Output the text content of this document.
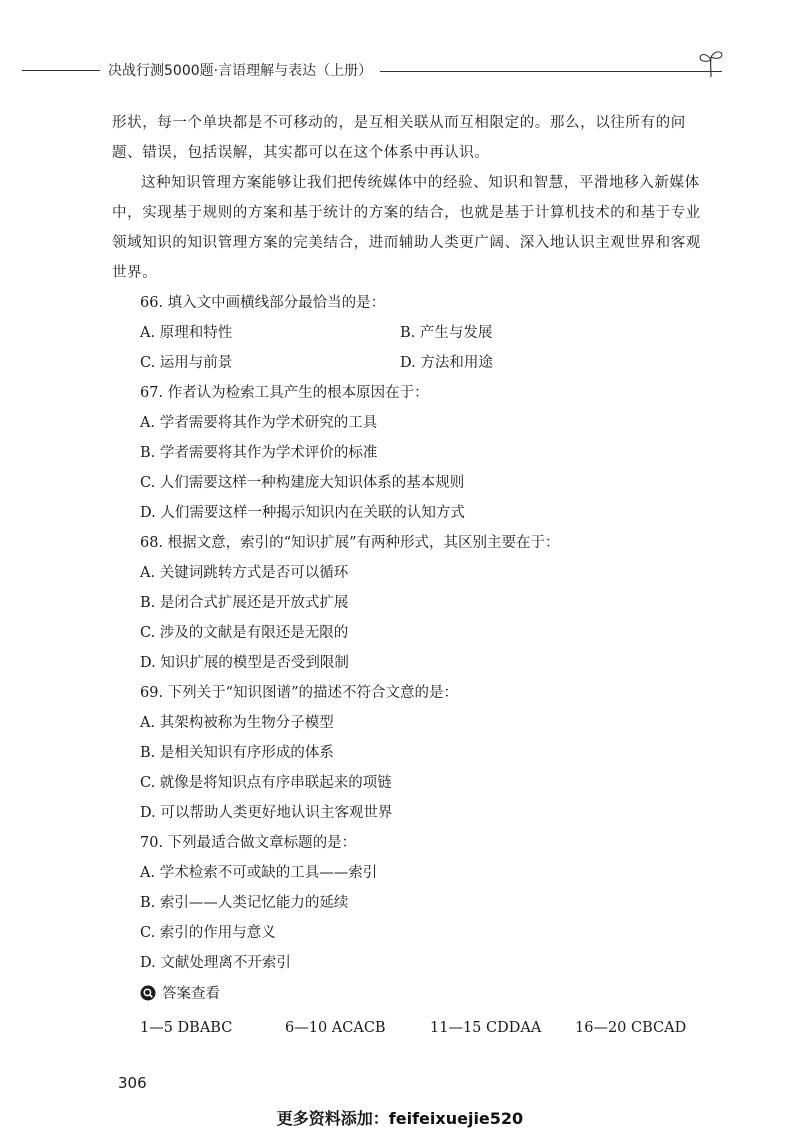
决战行测5000题·言语理解与表达（上册）

形状，每一个单块都是不可移动的，是互相关联从而互相限定的。那么，以往所有的问题、错误，包括误解，其实都可以在这个体系中再认识。

这种知识管理方案能够让我们把传统媒体中的经验、知识和智慧，平滑地移入新媒体中，实现基于规则的方案和基于统计的方案的结合，也就是基于计算机技术的和基于专业领域知识的知识管理方案的完美结合，进而辅助人类更广阔、深入地认识主观世界和客观世界。

66. 填入文中画横线部分最恰当的是：

A. 原理和特性	B. 产生与发展
C. 运用与前景	D. 方法和用途

67. 作者认为检索工具产生的根本原因在于：

A. 学者需要将其作为学术研究的工具

B. 学者需要将其作为学术评价的标准

C. 人们需要这样一种构建庞大知识体系的基本规则

D. 人们需要这样一种揭示知识内在关联的认知方式

68. 根据文意，索引的“知识扩展”有两种形式，其区别主要在于：

A. 关键词跳转方式是否可以循环

B. 是闭合式扩展还是开放式扩展

C. 涉及的文献是有限还是无限的

D. 知识扩展的模型是否受到限制

69. 下列关于“知识图谱”的描述不符合文意的是：

A. 其架构被称为生物分子模型

B. 是相关知识有序形成的体系

C. 就像是将知识点有序串联起来的项链

D. 可以帮助人类更好地认识主客观世界

70. 下列最适合做文章标题的是：

A. 学术检索不可或缺的工具——索引

B. 索引——人类记忆能力的延续

C. 索引的作用与意义

D. 文献处理离不开索引

答案查看
1—5 DBABC	6—10 ACACB	11—15 CDDAA	16—20 CBCAD
306
更多资料添加：feifeixuejie520
